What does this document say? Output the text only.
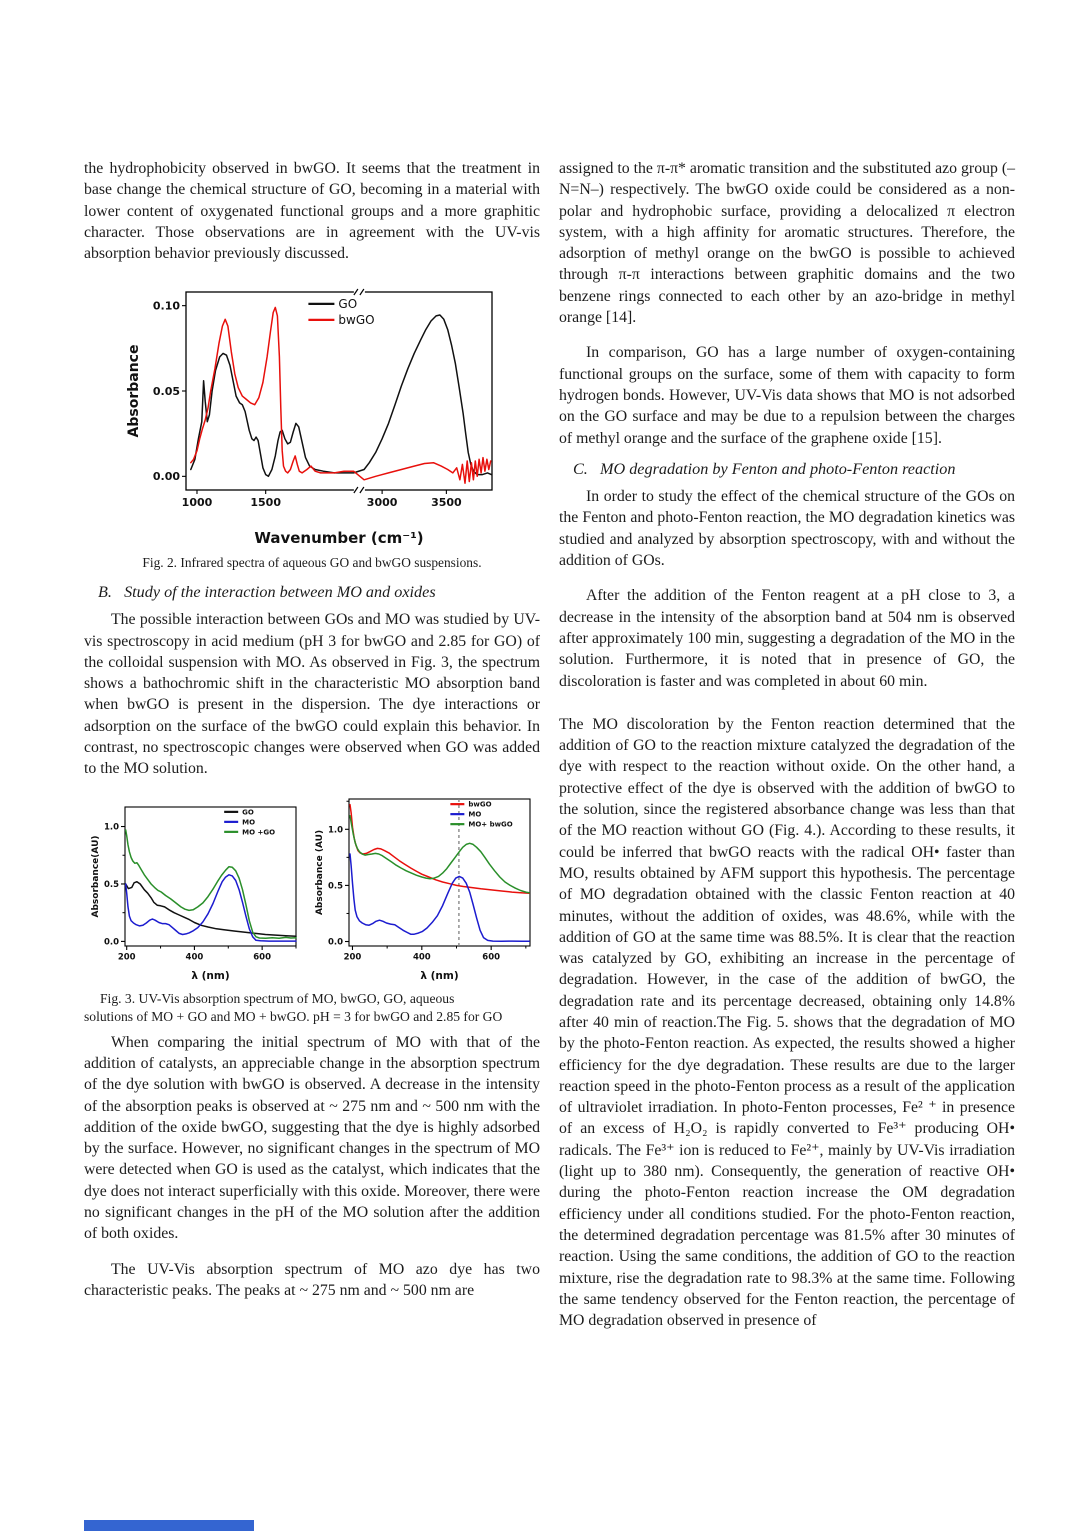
the hydrophobicity observed in bwGO. It seems that the treatment in base change the chemical structure of GO, becoming in a material with lower content of oxygenated functional groups and a more graphitic character. Those observations are in agreement with the UV-vis absorption behavior previously discussed.

1000	1500	3000	3500
0.00
0.05
0.10
Wavenumber (cm⁻¹)
Absorbance
GO
bwGO
Fig. 2. Infrared spectra of aqueous GO and bwGO suspensions.

B.  Study of the interaction between MO and oxides

The possible interaction between GOs and MO was studied by UV-vis spectroscopy in acid medium (pH 3 for bwGO and 2.85 for GO) of the colloidal suspension with MO. As observed in Fig. 3, the spectrum shows a bathochromic shift in the characteristic MO absorption band when bwGO is present in the dispersion. The dye interactions or adsorption on the surface of the bwGO could explain this behavior. In contrast, no spectroscopic changes were observed when GO was added to the MO solution.

200	400	600
0.0
0.5
1.0
λ (nm)
Absorbance(AU)
GO
MO
MO +GO
200	400	600
0.0
0.5
1.0
λ (nm)
Absorbance (AU)
bwGO
MO
MO+ bwGO
Fig. 3. UV-Vis absorption spectrum of MO, bwGO, GO, aqueous
solutions of MO + GO and MO + bwGO. pH = 3 for bwGO and 2.85 for GO

When comparing the initial spectrum of MO with that of the addition of catalysts, an appreciable change in the absorption spectrum of the dye solution with bwGO is observed. A decrease in the intensity of the absorption peaks is observed at ~ 275 nm and ~ 500 nm with the addition of the oxide bwGO, suggesting that the dye is highly adsorbed by the surface. However, no significant changes in the spectrum of MO were detected when GO is used as the catalyst, which indicates that the dye does not interact superficially with this oxide. Moreover, there were no significant changes in the pH of the MO solution after the addition of both oxides.

The UV-Vis absorption spectrum of MO azo dye has two characteristic peaks. The peaks at ~ 275 nm and ~ 500 nm are

assigned to the π-π* aromatic transition and the substituted azo group (– N=N–) respectively. The bwGO oxide could be considered as a non-polar and hydrophobic surface, providing a delocalized π electron system, with a high affinity for aromatic structures. Therefore, the adsorption of methyl orange on the bwGO is possible to achieved through π-π interactions between graphitic domains and the two benzene rings connected to each other by an azo-bridge in methyl orange [14].

In comparison, GO has a large number of oxygen-containing functional groups on the surface, some of them with capacity to form hydrogen bonds. However, UV-Vis data shows that MO is not adsorbed on the GO surface and may be due to a repulsion between the charges of methyl orange and the surface of the graphene oxide [15].

C.  MO degradation by Fenton and photo-Fenton reaction

In order to study the effect of the chemical structure of the GOs on the Fenton and photo-Fenton reaction, the MO degradation kinetics was studied and analyzed by absorption spectroscopy, with and without the addition of GOs.

After the addition of the Fenton reagent at a pH close to 3, a decrease in the intensity of the absorption band at 504 nm is observed after approximately 100 min, suggesting a degradation of the MO in the solution. Furthermore, it is noted that in presence of GO, the discoloration is faster and was completed in about 60 min.

The MO discoloration by the Fenton reaction determined that the addition of GO to the reaction mixture catalyzed the degradation of the dye with respect to the reaction without oxide. On the other hand, a protective effect of the dye is observed with the addition of bwGO to the solution, since the registered absorbance change was less than that of the MO reaction without GO (Fig. 4.). According to these results, it could be inferred that bwGO reacts with the radical OH• faster than MO, results obtained by AFM support this hypothesis. The percentage of MO degradation obtained with the classic Fenton reaction at 40 minutes, without the addition of oxides, was 48.6%, while with the addition of GO at the same time was 88.5%. It is clear that the reaction was catalyzed by GO, exhibiting an increase in the percentage of degradation. However, in the case of the addition of bwGO, the degradation rate and its percentage decreased, obtaining only 14.8% after 40 min of reaction.The Fig. 5. shows that the degradation of MO by the photo-Fenton reaction. As expected, the results showed a higher efficiency for the dye degradation. These results are due to the larger reaction speed in the photo-Fenton process as a result of the application of ultraviolet irradiation. In photo-Fenton processes, Fe² ⁺ in presence of an excess of H₂O₂ is rapidly converted to Fe³⁺ producing OH• radicals. The Fe³⁺ ion is reduced to Fe²⁺, mainly by UV-Vis irradiation (light up to 380 nm). Consequently, the generation of reactive OH• during the photo-Fenton reaction increase the OM degradation efficiency under all conditions studied. For the photo-Fenton reaction, the determined degradation percentage was 81.5% after 30 minutes of reaction. Using the same conditions, the addition of GO to the reaction mixture, rise the degradation rate to 98.3% at the same time. Following the same tendency observed for the Fenton reaction, the percentage of MO degradation observed in presence of
